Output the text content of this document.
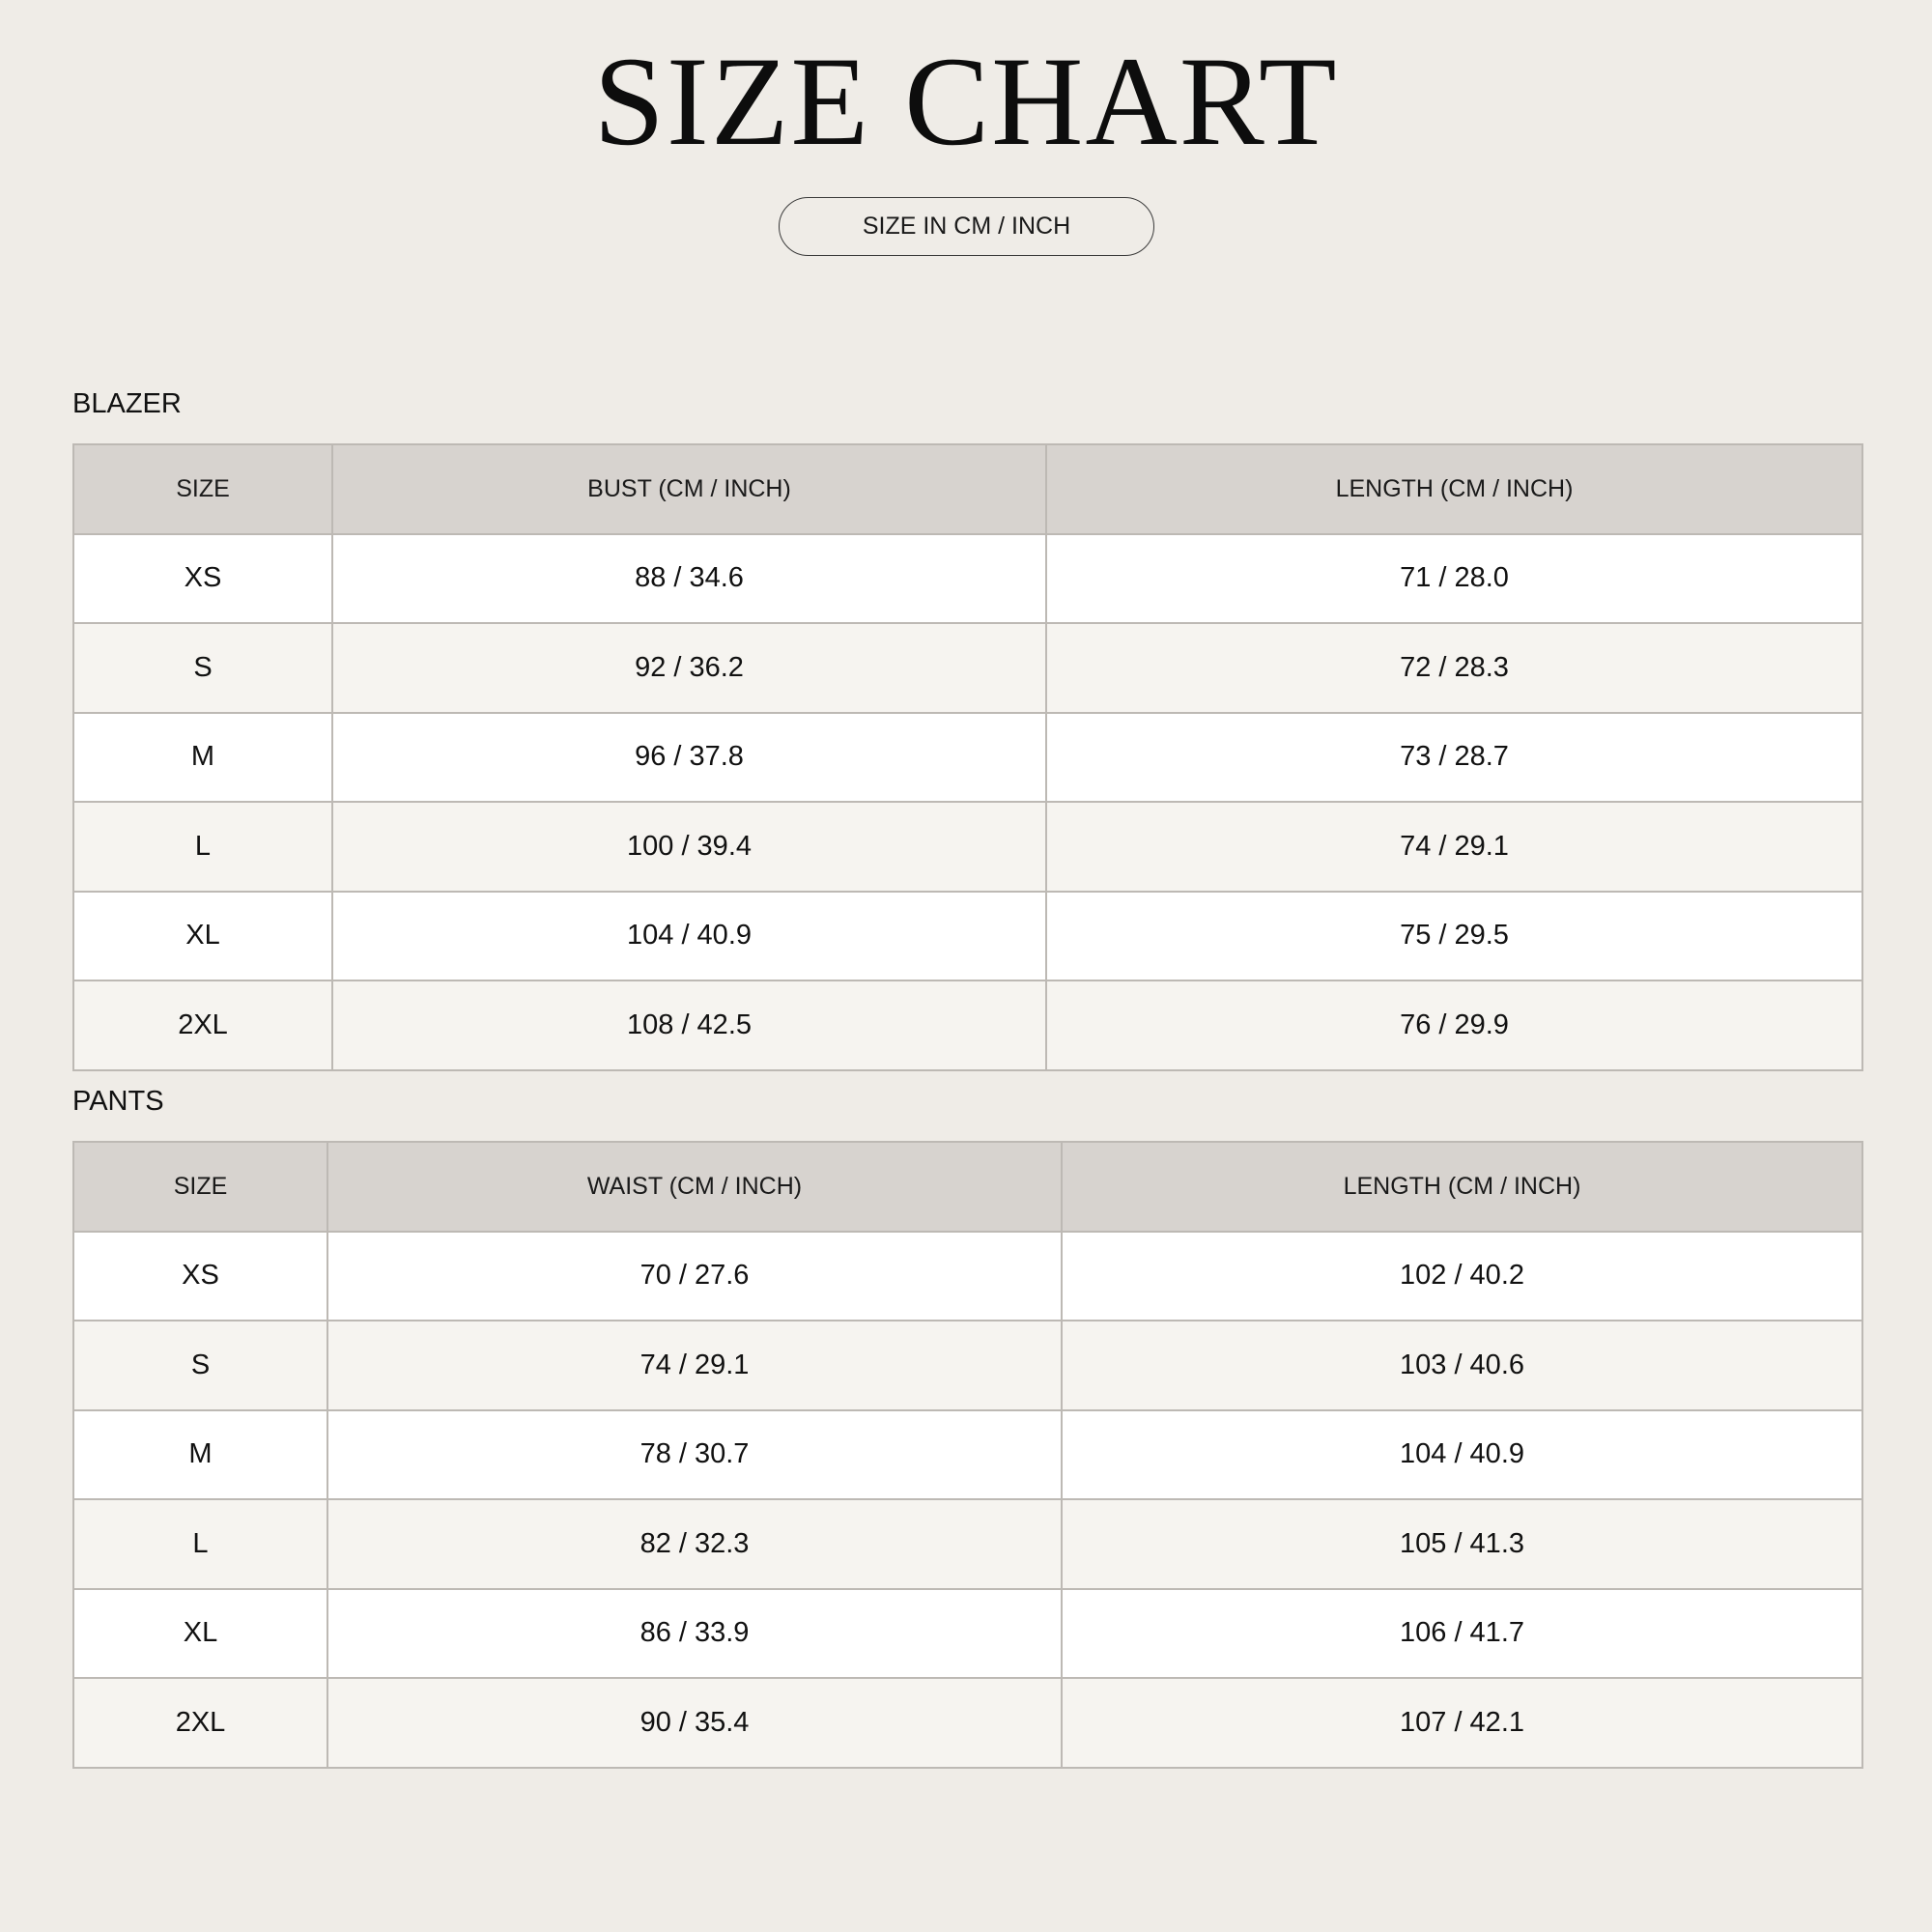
SIZE CHART
SIZE IN CM / INCH
BLAZER
SIZE	BUST (CM / INCH)	LENGTH (CM / INCH)
XS	88 / 34.6	71 / 28.0
S	92 / 36.2	72 / 28.3
M	96 / 37.8	73 / 28.7
L	100 / 39.4	74 / 29.1
XL	104 / 40.9	75 / 29.5
2XL	108 / 42.5	76 / 29.9
PANTS
SIZE	WAIST (CM / INCH)	LENGTH (CM / INCH)
XS	70 / 27.6	102 / 40.2
S	74 / 29.1	103 / 40.6
M	78 / 30.7	104 / 40.9
L	82 / 32.3	105 / 41.3
XL	86 / 33.9	106 / 41.7
2XL	90 / 35.4	107 / 42.1
